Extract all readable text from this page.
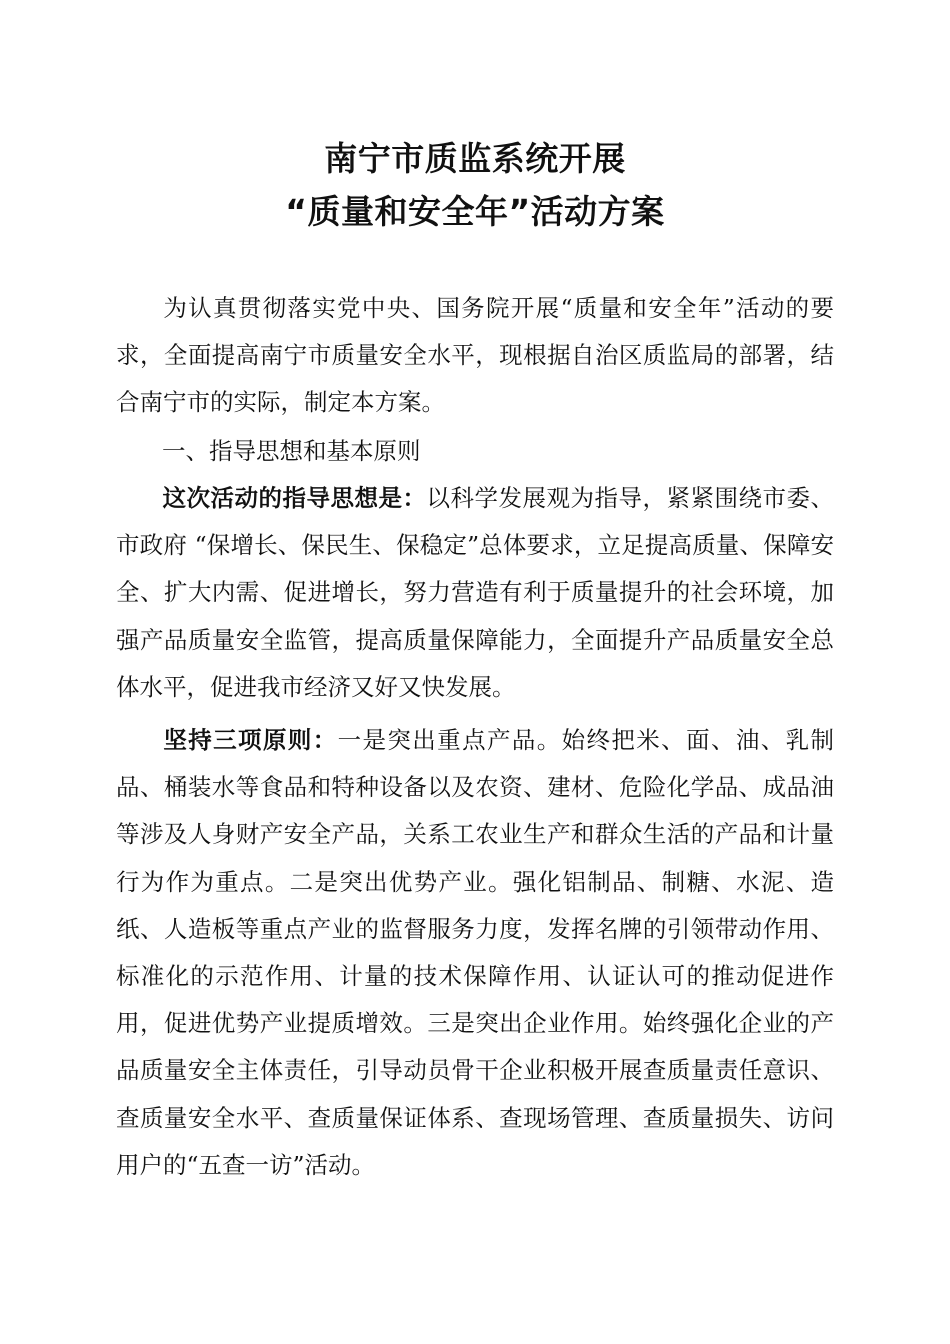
南宁市质监系统开展
“质量和安全年”活动方案

为认真贯彻落实党中央、国务院开展“质量和安全年”活动的要求，全面提高南宁市质量安全水平，现根据自治区质监局的部署，结合南宁市的实际，制定本方案。

一、指导思想和基本原则

这次活动的指导思想是：以科学发展观为指导，紧紧围绕市委、市政府 “保增长、保民生、保稳定”总体要求，立足提高质量、保障安全、扩大内需、促进增长，努力营造有利于质量提升的社会环境，加强产品质量安全监管，提高质量保障能力，全面提升产品质量安全总体水平，促进我市经济又好又快发展。

坚持三项原则：一是突出重点产品。始终把米、面、油、乳制品、桶装水等食品和特种设备以及农资、建材、危险化学品、成品油等涉及人身财产安全产品，关系工农业生产和群众生活的产品和计量行为作为重点。二是突出优势产业。强化铝制品、制糖、水泥、造纸、人造板等重点产业的监督服务力度，发挥名牌的引领带动作用、标准化的示范作用、计量的技术保障作用、认证认可的推动促进作用，促进优势产业提质增效。三是突出企业作用。始终强化企业的产品质量安全主体责任，引导动员骨干企业积极开展查质量责任意识、查质量安全水平、查质量保证体系、查现场管理、查质量损失、访问用户的“五查一访”活动。
